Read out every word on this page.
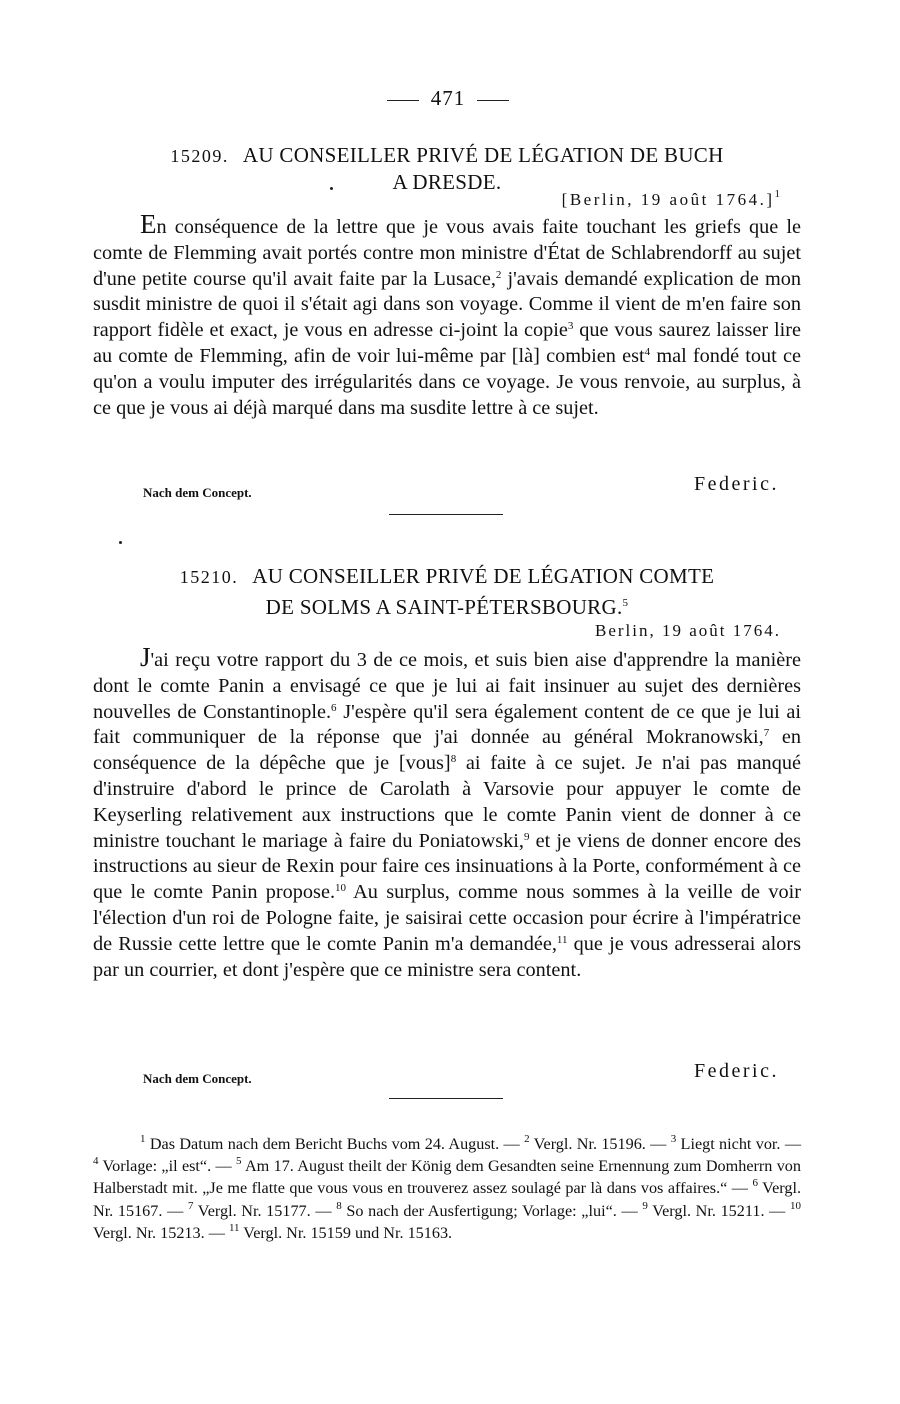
471
15209. AU CONSEILLER PRIVÉ DE LÉGATION DE BUCH
A DRESDE.
[Berlin, 19 août 1764.]$^1$
En conséquence de la lettre que je vous avais faite touchant les griefs que le comte de Flemming avait portés contre mon ministre d'État de Schlabrendorff au sujet d'une petite course qu'il avait faite par la Lusace,$^2$ j'avais demandé explication de mon susdit ministre de quoi il s'était agi dans son voyage. Comme il vient de m'en faire son rapport fidèle et exact, je vous en adresse ci-joint la copie$^3$ que vous saurez laisser lire au comte de Flemming, afin de voir lui-même par [là] combien est$^4$ mal fondé tout ce qu'on a voulu imputer des irrégularités dans ce voyage. Je vous renvoie, au surplus, à ce que je vous ai déjà marqué dans ma susdite lettre à ce sujet.
Nach dem Concept.	Federic.
15210. AU CONSEILLER PRIVÉ DE LÉGATION COMTE
DE SOLMS A SAINT-PÉTERSBOURG.$^5$
Berlin, 19 août 1764.
J'ai reçu votre rapport du 3 de ce mois, et suis bien aise d'apprendre la manière dont le comte Panin a envisagé ce que je lui ai fait insinuer au sujet des dernières nouvelles de Constantinople.$^6$ J'espère qu'il sera également content de ce que je lui ai fait communiquer de la réponse que j'ai donnée au général Mokranowski,$^7$ en conséquence de la dépêche que je [vous]$^8$ ai faite à ce sujet. Je n'ai pas manqué d'instruire d'abord le prince de Carolath à Varsovie pour appuyer le comte de Keyserling relativement aux instructions que le comte Panin vient de donner à ce ministre touchant le mariage à faire du Poniatowski,$^9$ et je viens de donner encore des instructions au sieur de Rexin pour faire ces insinuations à la Porte, conformément à ce que le comte Panin propose.$^{10}$ Au surplus, comme nous sommes à la veille de voir l'élection d'un roi de Pologne faite, je saisirai cette occasion pour écrire à l'impératrice de Russie cette lettre que le comte Panin m'a demandée,$^{11}$ que je vous adresserai alors par un courrier, et dont j'espère que ce ministre sera content.
Nach dem Concept.	Federic.
$^1$ Das Datum nach dem Bericht Buchs vom 24. August. — $^2$ Vergl. Nr. 15196. — $^3$ Liegt nicht vor. — $^4$ Vorlage: „il est“. — $^5$ Am 17. August theilt der König dem Gesandten seine Ernennung zum Domherrn von Halberstadt mit. „Je me flatte que vous vous en trouverez assez soulagé par là dans vos affaires.“ — $^6$ Vergl. Nr. 15167. — $^7$ Vergl. Nr. 15177. — $^8$ So nach der Ausfertigung; Vorlage: „lui“. — $^9$ Vergl. Nr. 15211. — $^{10}$ Vergl. Nr. 15213. — $^{11}$ Vergl. Nr. 15159 und Nr. 15163.
